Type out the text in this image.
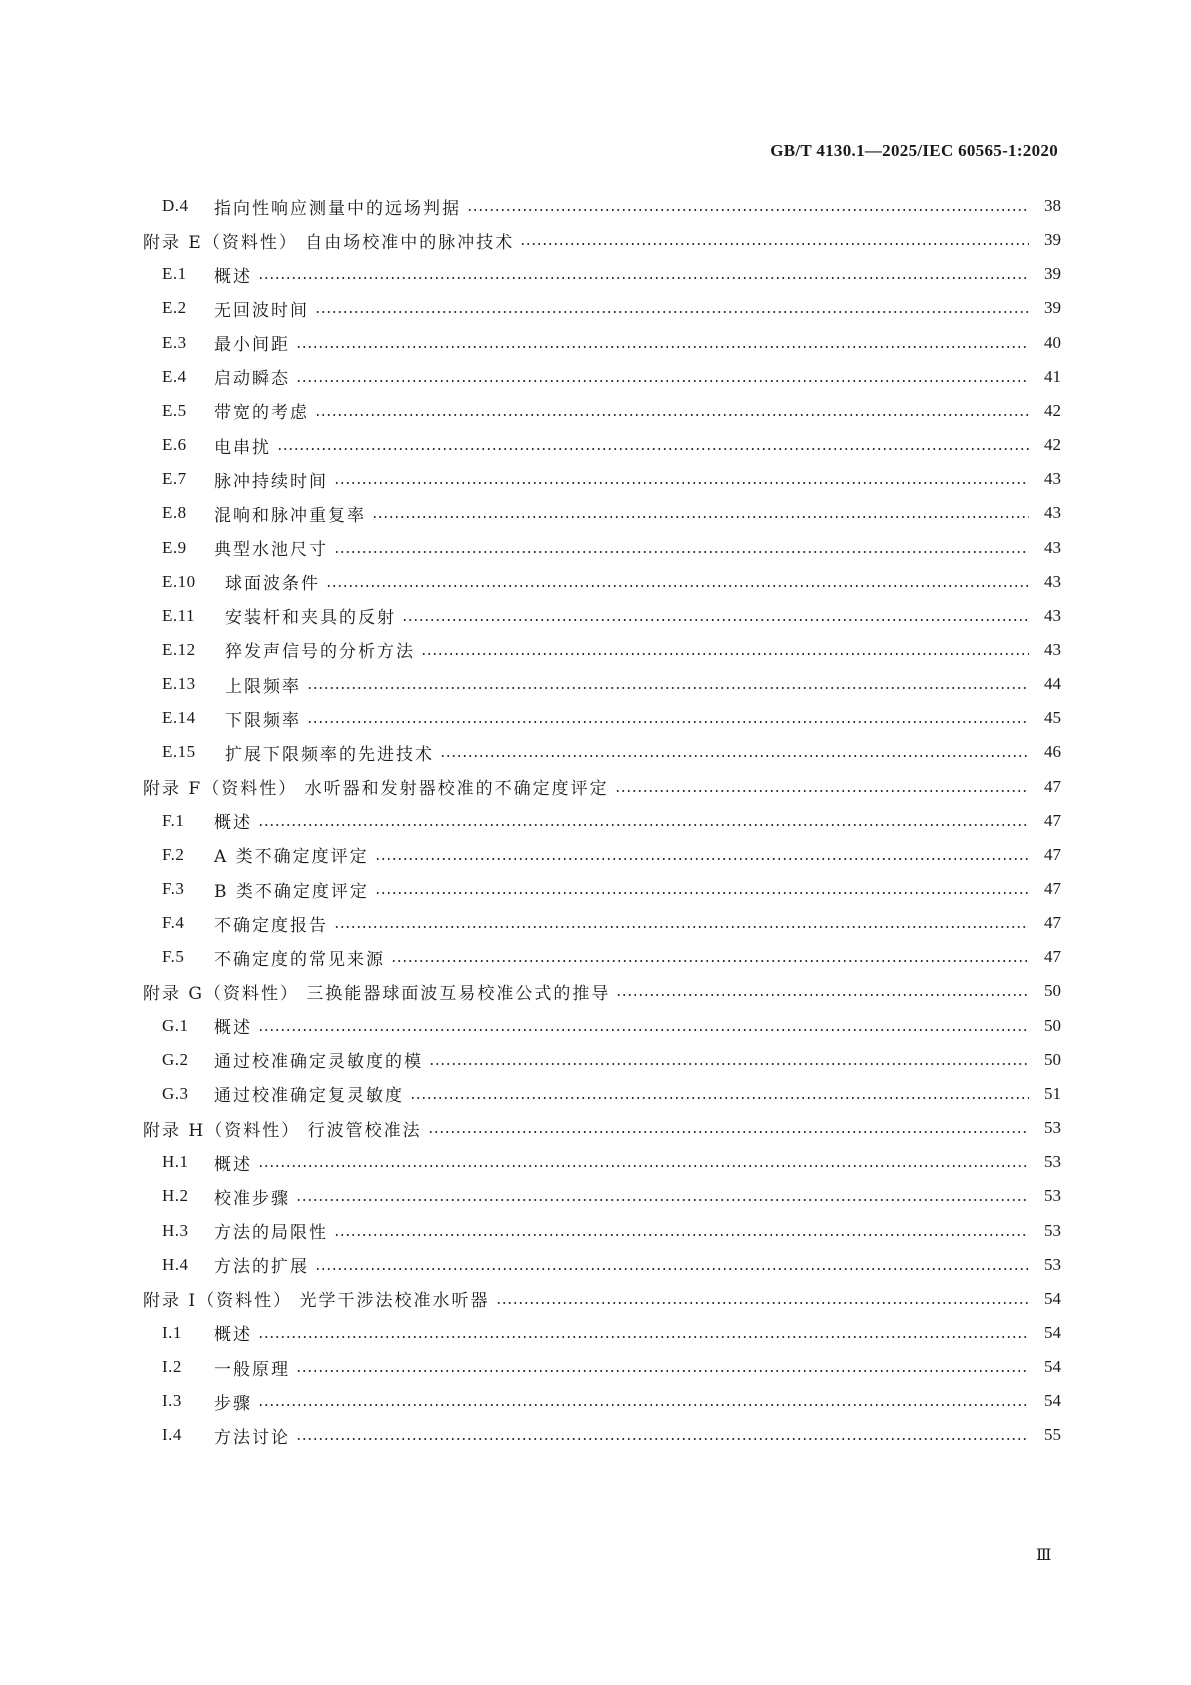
GB/T 4130.1—2025/IEC 60565-1:2020
D.4	指向性响应测量中的远场判据	38
附录 E（资料性） 自由场校准中的脉冲技术	39
E.1	概述	39
E.2	无回波时间	39
E.3	最小间距	40
E.4	启动瞬态	41
E.5	带宽的考虑	42
E.6	电串扰	42
E.7	脉冲持续时间	43
E.8	混响和脉冲重复率	43
E.9	典型水池尺寸	43
E.10	球面波条件	43
E.11	安装杆和夹具的反射	43
E.12	猝发声信号的分析方法	43
E.13	上限频率	44
E.14	下限频率	45
E.15	扩展下限频率的先进技术	46
附录 F（资料性） 水听器和发射器校准的不确定度评定	47
F.1	概述	47
F.2	A 类不确定度评定	47
F.3	B 类不确定度评定	47
F.4	不确定度报告	47
F.5	不确定度的常见来源	47
附录 G（资料性） 三换能器球面波互易校准公式的推导	50
G.1	概述	50
G.2	通过校准确定灵敏度的模	50
G.3	通过校准确定复灵敏度	51
附录 H（资料性） 行波管校准法	53
H.1	概述	53
H.2	校准步骤	53
H.3	方法的局限性	53
H.4	方法的扩展	53
附录 I（资料性） 光学干涉法校准水听器	54
I.1	概述	54
I.2	一般原理	54
I.3	步骤	54
I.4	方法讨论	55
Ⅲ
